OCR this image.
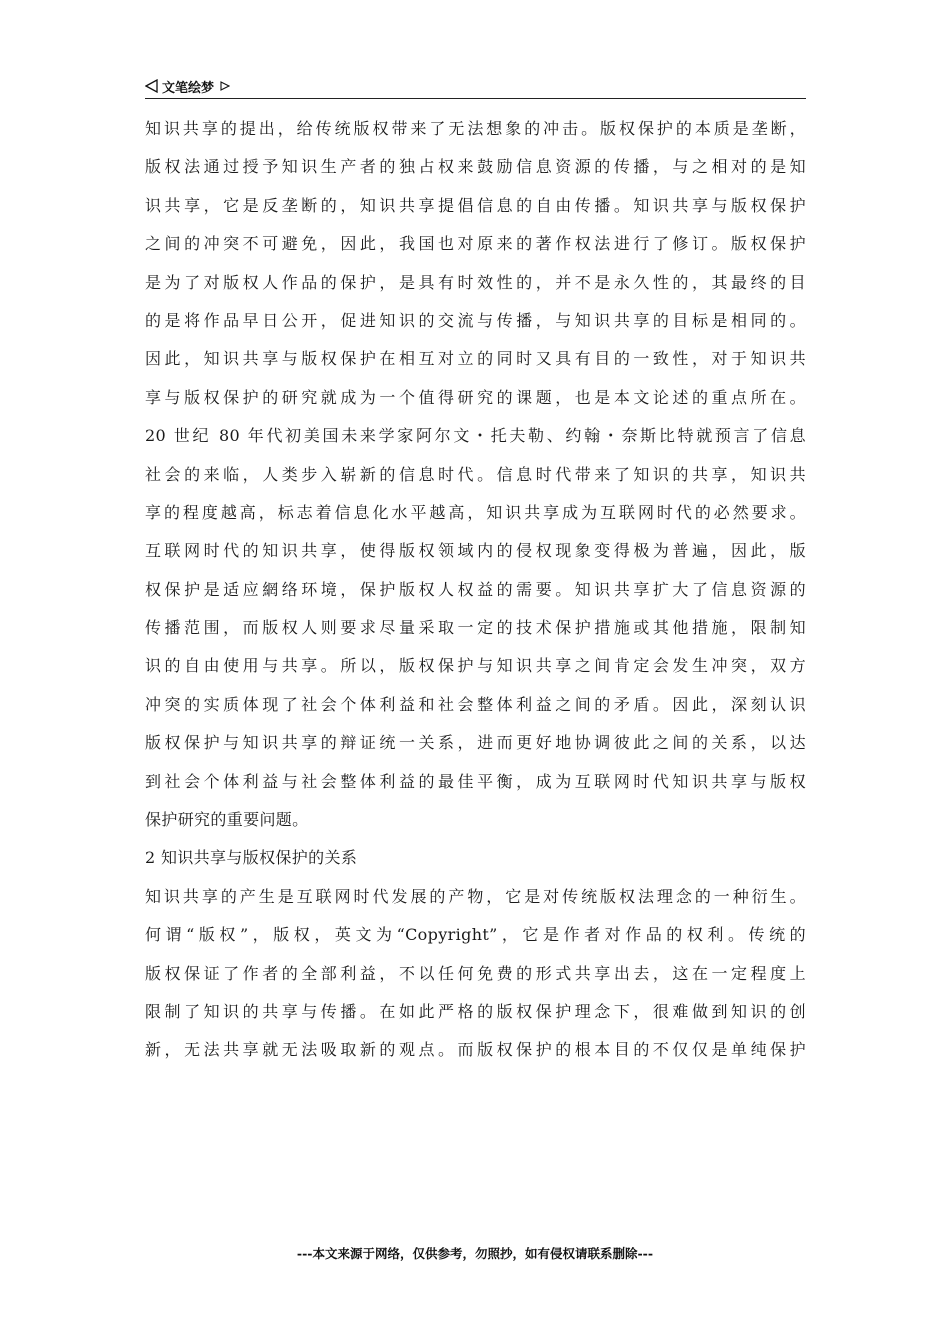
文笔绘梦
知识共享的提出，给传统版权带来了无法想象的冲击。版权保护的本质是垄断，
版权法通过授予知识生产者的独占权来鼓励信息资源的传播，与之相对的是知
识共享，它是反垄断的，知识共享提倡信息的自由传播。知识共享与版权保护
之间的冲突不可避免，因此，我国也对原来的著作权法进行了修订。版权保护
是为了对版权人作品的保护，是具有时效性的，并不是永久性的，其最终的目
的是将作品早日公开，促进知识的交流与传播，与知识共享的目标是相同的。
因此，知识共享与版权保护在相互对立的同时又具有目的一致性，对于知识共
享与版权保护的研究就成为一个值得研究的课题，也是本文论述的重点所在。
20 世纪 80 年代初美国未来学家阿尔文・托夫勒、约翰・奈斯比特就预言了信息
社会的来临，人类步入崭新的信息时代。信息时代带来了知识的共享，知识共
享的程度越高，标志着信息化水平越高，知识共享成为互联网时代的必然要求。
互联网时代的知识共享，使得版权领域内的侵权现象变得极为普遍，因此，版
权保护是适应網络环境，保护版权人权益的需要。知识共享扩大了信息资源的
传播范围，而版权人则要求尽量采取一定的技术保护措施或其他措施，限制知
识的自由使用与共享。所以，版权保护与知识共享之间肯定会发生冲突，双方
冲突的实质体现了社会个体利益和社会整体利益之间的矛盾。因此，深刻认识
版权保护与知识共享的辩证统一关系，进而更好地协调彼此之间的关系，以达
到社会个体利益与社会整体利益的最佳平衡，成为互联网时代知识共享与版权
保护研究的重要问题。
2 知识共享与版权保护的关系
知识共享的产生是互联网时代发展的产物，它是对传统版权法理念的一种衍生。
何谓“版权”，版权，英文为“Copyright”，它是作者对作品的权利。传统的
版权保证了作者的全部利益，不以任何免费的形式共享出去，这在一定程度上
限制了知识的共享与传播。在如此严格的版权保护理念下，很难做到知识的创
新，无法共享就无法吸取新的观点。而版权保护的根本目的不仅仅是单纯保护
---本文来源于网络，仅供参考，勿照抄，如有侵权请联系删除---
